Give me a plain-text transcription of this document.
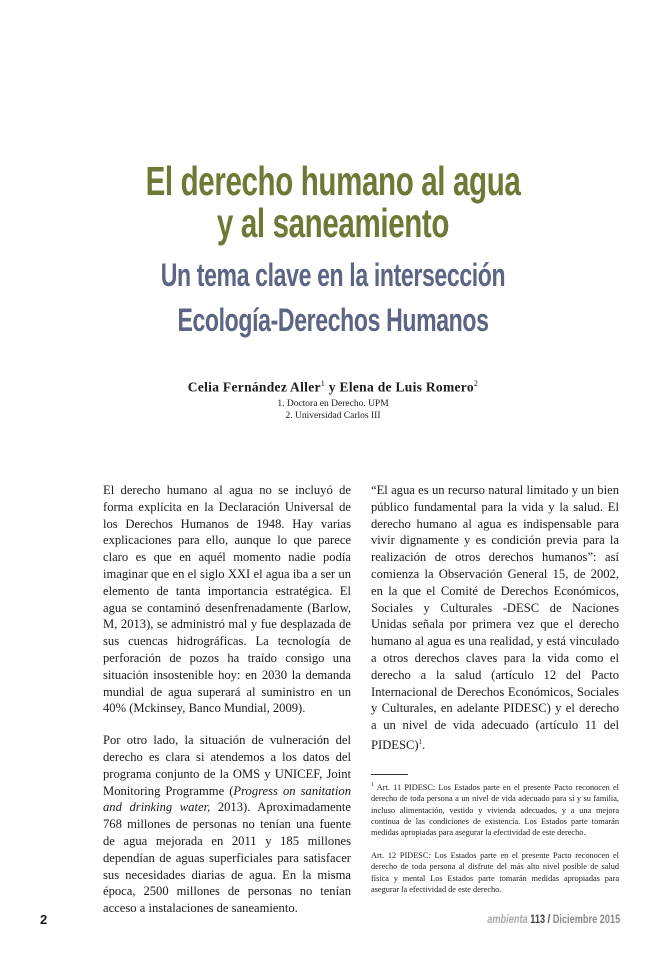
El derecho humano al agua
y al saneamiento
Un tema clave en la intersección
Ecología-Derechos Humanos
Celia Fernández Aller$^1$ y Elena de Luis Romero$^2$
1. Doctora en Derecho. UPM
2. Universidad Carlos III

El derecho humano al agua no se incluyó de forma explícita en la Declaración Universal de los Derechos Humanos de 1948. Hay varias explicaciones para ello, aunque lo que parece claro es que en aquél momento nadie podía imaginar que en el siglo XXI el agua iba a ser un elemento de tanta importancia estratégica. El agua se contaminó desenfrenadamente (Barlow, M, 2013), se administró mal y fue desplazada de sus cuencas hidrográficas. La tecnología de perforación de pozos ha traído consigo una situación insostenible hoy: en 2030 la demanda mundial de agua superará al suministro en un 40% (Mckinsey, Banco Mundial, 2009).

Por otro lado, la situación de vulneración del derecho es clara si atendemos a los datos del programa conjunto de la OMS y UNICEF, Joint Monitoring Programme (Progress on sanitation and drinking water, 2013). Aproximadamente 768 millones de personas no tenían una fuente de agua mejorada en 2011 y 185 millones dependían de aguas superficiales para satisfacer sus necesidades diarias de agua. En la misma época, 2500 millones de personas no tenían acceso a instalaciones de saneamiento.

“El agua es un recurso natural limitado y un bien público fundamental para la vida y la salud. El derecho humano al agua es indispensable para vivir dignamente y es condición previa para la realización de otros derechos humanos”: así comienza la Observación General 15, de 2002, en la que el Comité de Derechos Económicos, Sociales y Culturales -DESC de Naciones Unidas señala por primera vez que el derecho humano al agua es una realidad, y está vinculado a otros derechos claves para la vida como el derecho a la salud (artículo 12 del Pacto Internacional de Derechos Económicos, Sociales y Culturales, en adelante PIDESC) y el derecho a un nivel de vida adecuado (artículo 11 del PIDESC)$^1$.

$^1$ Art. 11 PIDESC: Los Estados parte en el presente Pacto reconocen el derecho de toda persona a un nivel de vida adecuado para sí y su familia, incluso alimentación, vestido y vivienda adecuados, y a una mejora continua de las condiciones de existencia. Los Estados parte tomarán medidas apropiadas para asegurar la efectividad de este derecho.
Art. 12 PIDESC: Los Estados parte en el presente Pacto reconocen el derecho de toda persona al disfrute del más alto nivel posible de salud física y mental Los Estados parte tomarán medidas apropiadas para asegurar la efectividad de este derecho.
2	ambienta 113 / Diciembre 2015
